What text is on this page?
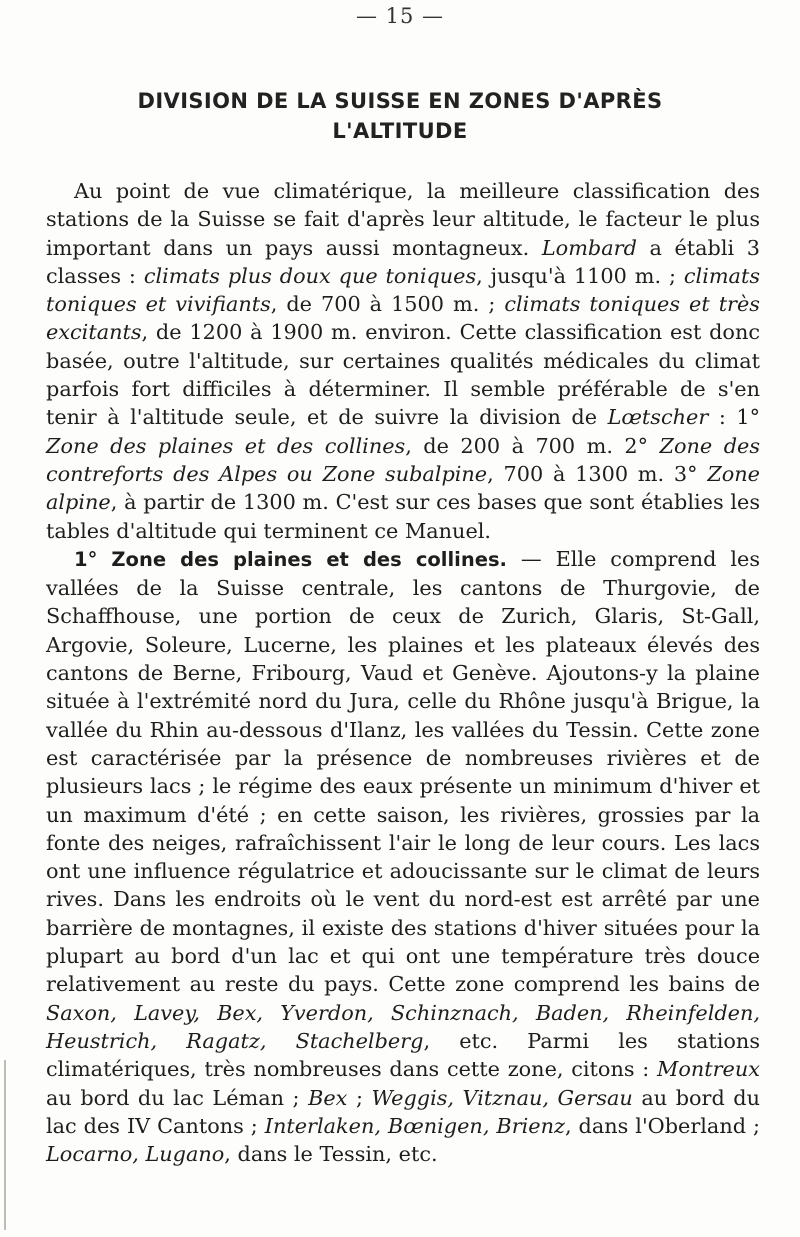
— 15 —
DIVISION DE LA SUISSE EN ZONES D'APRÈS
L'ALTITUDE

Au point de vue climatérique, la meilleure classification des stations de la Suisse se fait d'après leur altitude, le facteur le plus important dans un pays aussi montagneux. Lombard a établi 3 classes : climats plus doux que toniques, jusqu'à 1100 m. ; climats toniques et vivifiants, de 700 à 1500 m. ; climats toniques et très excitants, de 1200 à 1900 m. environ. Cette classification est donc basée, outre l'altitude, sur certaines qualités médicales du climat parfois fort difficiles à déterminer. Il semble préférable de s'en tenir à l'altitude seule, et de suivre la division de Lœtscher : 1° Zone des plaines et des collines, de 200 à 700 m. 2° Zone des contreforts des Alpes ou Zone subalpine, 700 à 1300 m. 3° Zone alpine, à partir de 1300 m. C'est sur ces bases que sont établies les tables d'altitude qui terminent ce Manuel.

1° Zone des plaines et des collines. — Elle comprend les vallées de la Suisse centrale, les cantons de Thurgovie, de Schaffhouse, une portion de ceux de Zurich, Glaris, St-Gall, Argovie, Soleure, Lucerne, les plaines et les plateaux élevés des cantons de Berne, Fribourg, Vaud et Genève. Ajoutons-y la plaine située à l'extrémité nord du Jura, celle du Rhône jusqu'à Brigue, la vallée du Rhin au-dessous d'Ilanz, les vallées du Tessin. Cette zone est caractérisée par la présence de nombreuses rivières et de plusieurs lacs ; le régime des eaux présente un minimum d'hiver et un maximum d'été ; en cette saison, les rivières, grossies par la fonte des neiges, rafraîchissent l'air le long de leur cours. Les lacs ont une influence régulatrice et adoucissante sur le climat de leurs rives. Dans les endroits où le vent du nord-est est arrêté par une barrière de montagnes, il existe des stations d'hiver situées pour la plupart au bord d'un lac et qui ont une température très douce relativement au reste du pays. Cette zone comprend les bains de Saxon, Lavey, Bex, Yverdon, Schinznach, Baden, Rheinfelden, Heustrich, Ragatz, Stachelberg, etc. Parmi les stations climatériques, très nombreuses dans cette zone, citons : Montreux au bord du lac Léman ; Bex ; Weggis, Vitznau, Gersau au bord du lac des IV Cantons ; Interlaken, Bœnigen, Brienz, dans l'Oberland ; Locarno, Lugano, dans le Tessin, etc.
